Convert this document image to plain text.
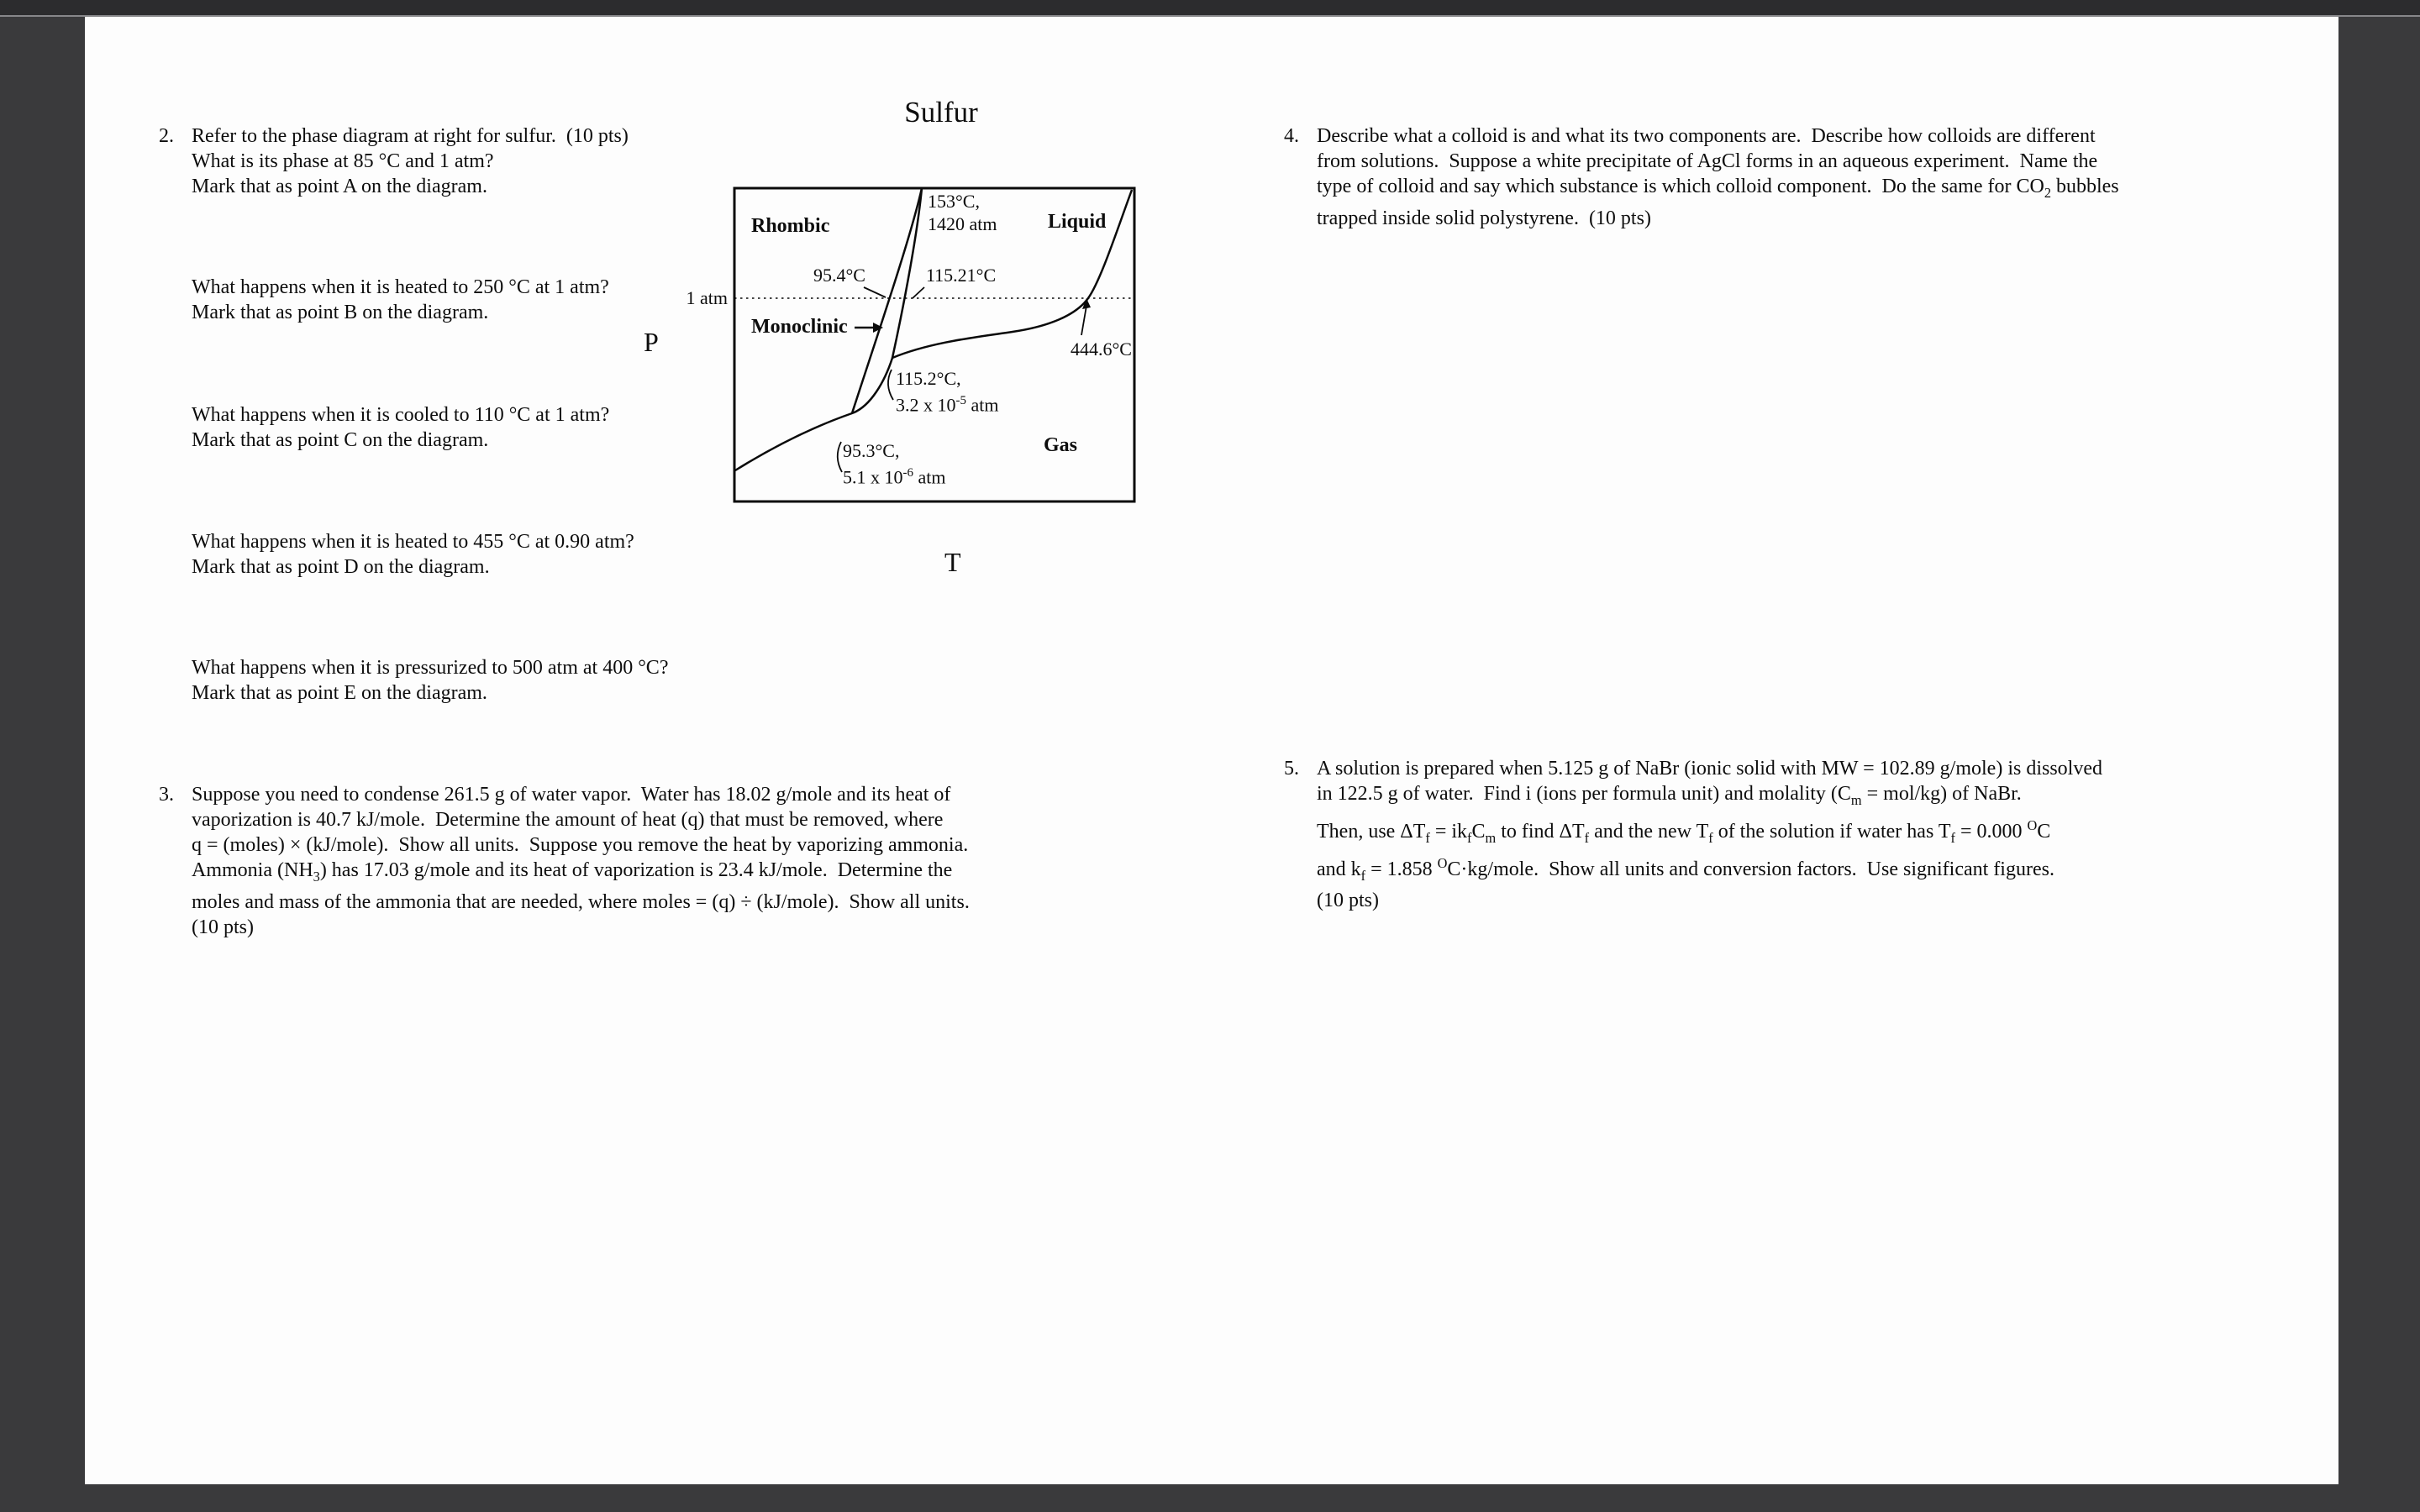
2. Refer to the phase diagram at right for sulfur.  (10 pts)
What is its phase at 85 °C and 1 atm?
Mark that as point A on the diagram.
What happens when it is heated to 250 °C at 1 atm?
Mark that as point B on the diagram.
What happens when it is cooled to 110 °C at 1 atm?
Mark that as point C on the diagram.
What happens when it is heated to 455 °C at 0.90 atm?
Mark that as point D on the diagram.
What happens when it is pressurized to 500 atm at 400 °C?
Mark that as point E on the diagram.
3. Suppose you need to condense 261.5 g of water vapor.  Water has 18.02 g/mole and its heat of
vaporization is 40.7 kJ/mole.  Determine the amount of heat (q) that must be removed, where
q = (moles) × (kJ/mole).  Show all units.  Suppose you remove the heat by vaporizing ammonia.
Ammonia $(NH_3)$ has 17.03 g/mole and its heat of vaporization is 23.4 kJ/mole.  Determine the
moles and mass of the ammonia that are needed, where moles = (q) ÷ (kJ/mole).  Show all units.
(10 pts)
4. Describe what a colloid is and what its two components are.  Describe how colloids are different
from solutions.  Suppose a white precipitate of AgCl forms in an aqueous experiment.  Name the
type of colloid and say which substance is which colloid component.  Do the same for $CO_2$ bubbles
trapped inside solid polystyrene.  (10 pts)
5. A solution is prepared when 5.125 g of NaBr (ionic solid with MW = 102.89 g/mole) is dissolved
in 122.5 g of water.  Find i (ions per formula unit) and molality $(C_m = mol/kg)$ of NaBr.
Then, use $\Delta T_f = ik_fC_m$ to find $\Delta T_f$ and the new $T_f$ of the solution if water has $T_f = 0.000$ $^O$C
and $k_f = 1.858$ $^O$C·kg/mole.  Show all units and conversion factors.  Use significant figures.
(10 pts)
Sulfur
Rhombic
Monoclinic
Liquid
Gas
153°C,
1420 atm
95.4°C	115.21°C
444.6°C
115.2°C,
3.2 x $10^{-5}$ atm
95.3°C,
5.1 x $10^{-6}$ atm
1 atm
P
T
